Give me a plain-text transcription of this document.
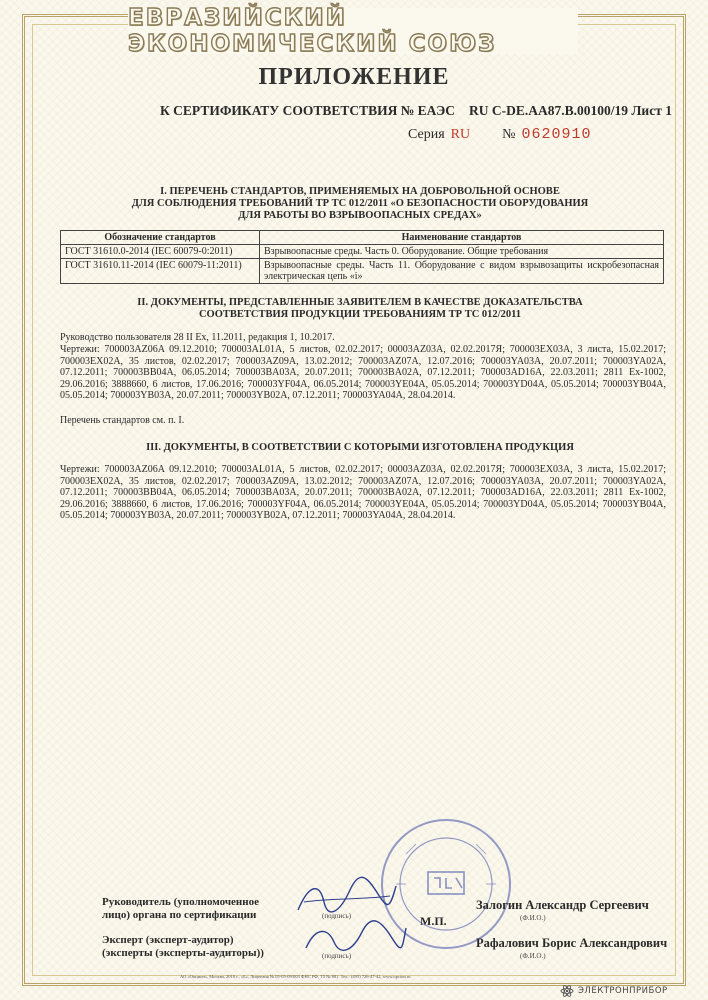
ЕВРАЗИЙСКИЙ ЭКОНОМИЧЕСКИЙ СОЮЗ
ПРИЛОЖЕНИЕ
К СЕРТИФИКАТУ СООТВЕТСТВИЯ № ЕАЭС RU C-DE.AA87.B.00100/19 Лист 1
Серия RU № 0620910
I. ПЕРЕЧЕНЬ СТАНДАРТОВ, ПРИМЕНЯЕМЫХ НА ДОБРОВОЛЬНОЙ ОСНОВЕ
ДЛЯ СОБЛЮДЕНИЯ ТРЕБОВАНИЙ ТР ТС 012/2011 «О БЕЗОПАСНОСТИ ОБОРУДОВАНИЯ
ДЛЯ РАБОТЫ ВО ВЗРЫВООПАСНЫХ СРЕДАХ»
Обозначение стандартов	Наименование стандартов
ГОСТ 31610.0-2014 (IEC 60079-0:2011)	Взрывоопасные среды. Часть 0. Оборудование. Общие требования
ГОСТ 31610.11-2014 (IEC 60079-11:2011)	Взрывоопасные среды. Часть 11. Оборудование с видом взрывозащиты искробезопасная электрическая цепь «i»
II. ДОКУМЕНТЫ, ПРЕДСТАВЛЕННЫЕ ЗАЯВИТЕЛЕМ В КАЧЕСТВЕ ДОКАЗАТЕЛЬСТВА
СООТВЕТСТВИЯ ПРОДУКЦИИ ТРЕБОВАНИЯМ ТР ТС 012/2011
Руководство пользователя 28 II Ex, 11.2011, редакция 1, 10.2017.
Чертежи: 700003AZ06A 09.12.2010; 700003AL01A, 5 листов, 02.02.2017; 00003AZ03A, 02.02.2017Я; 700003EX03A, 3 листа, 15.02.2017; 700003EX02A, 35 листов, 02.02.2017; 700003AZ09A, 13.02.2012; 700003AZ07A, 12.07.2016; 700003YA03A, 20.07.2011; 700003YA02A, 07.12.2011; 700003BB04A, 06.05.2014; 700003BA03A, 20.07.2011; 700003BA02A, 07.12.2011; 700003AD16A, 22.03.2011; 2811 Ex-1002, 29.06.2016; 3888660, 6 листов, 17.06.2016; 700003YF04A, 06.05.2014; 700003YE04A, 05.05.2014; 700003YD04A, 05.05.2014; 700003YB04A, 05.05.2014; 700003YB03A, 20.07.2011; 700003YB02A, 07.12.2011; 700003YA04A, 28.04.2014.
Перечень стандартов см. п. I.
III. ДОКУМЕНТЫ, В СООТВЕТСТВИИ С КОТОРЫМИ ИЗГОТОВЛЕНА ПРОДУКЦИЯ
Чертежи: 700003AZ06A 09.12.2010; 700003AL01A, 5 листов, 02.02.2017; 00003AZ03A, 02.02.2017Я; 700003EX03A, 3 листа, 15.02.2017; 700003EX02A, 35 листов, 02.02.2017; 700003AZ09A, 13.02.2012; 700003AZ07A, 12.07.2016; 700003YA03A, 20.07.2011; 700003YA02A, 07.12.2011; 700003BB04A, 06.05.2014; 700003BA03A, 20.07.2011; 700003BA02A, 07.12.2011; 700003AD16A, 22.03.2011; 2811 Ex-1002, 29.06.2016; 3888660, 6 листов, 17.06.2016; 700003YF04A, 06.05.2014; 700003YE04A, 05.05.2014; 700003YD04A, 05.05.2014; 700003YB04A, 05.05.2014; 700003YB03A, 20.07.2011; 700003YB02A, 07.12.2011; 700003YA04A, 28.04.2014.
Руководитель (уполномоченное
лицо) органа по сертификации	(подпись)	М.П.
Залогин Александр Сергеевич
(Ф.И.О.)
Эксперт (эксперт-аудитор)
(эксперты (эксперты-аудиторы))	(подпись)
Рафалович Борис Александрович
(Ф.И.О.)
АО «Опцион», Москва, 2018 г., «Б», Лицензия № 05-05-09/003 ФНС РФ, ТЗ № 881. Тел.: (495) 726-47-42, www.opcion.ru
ЭЛЕКТРОНПРИБОР
